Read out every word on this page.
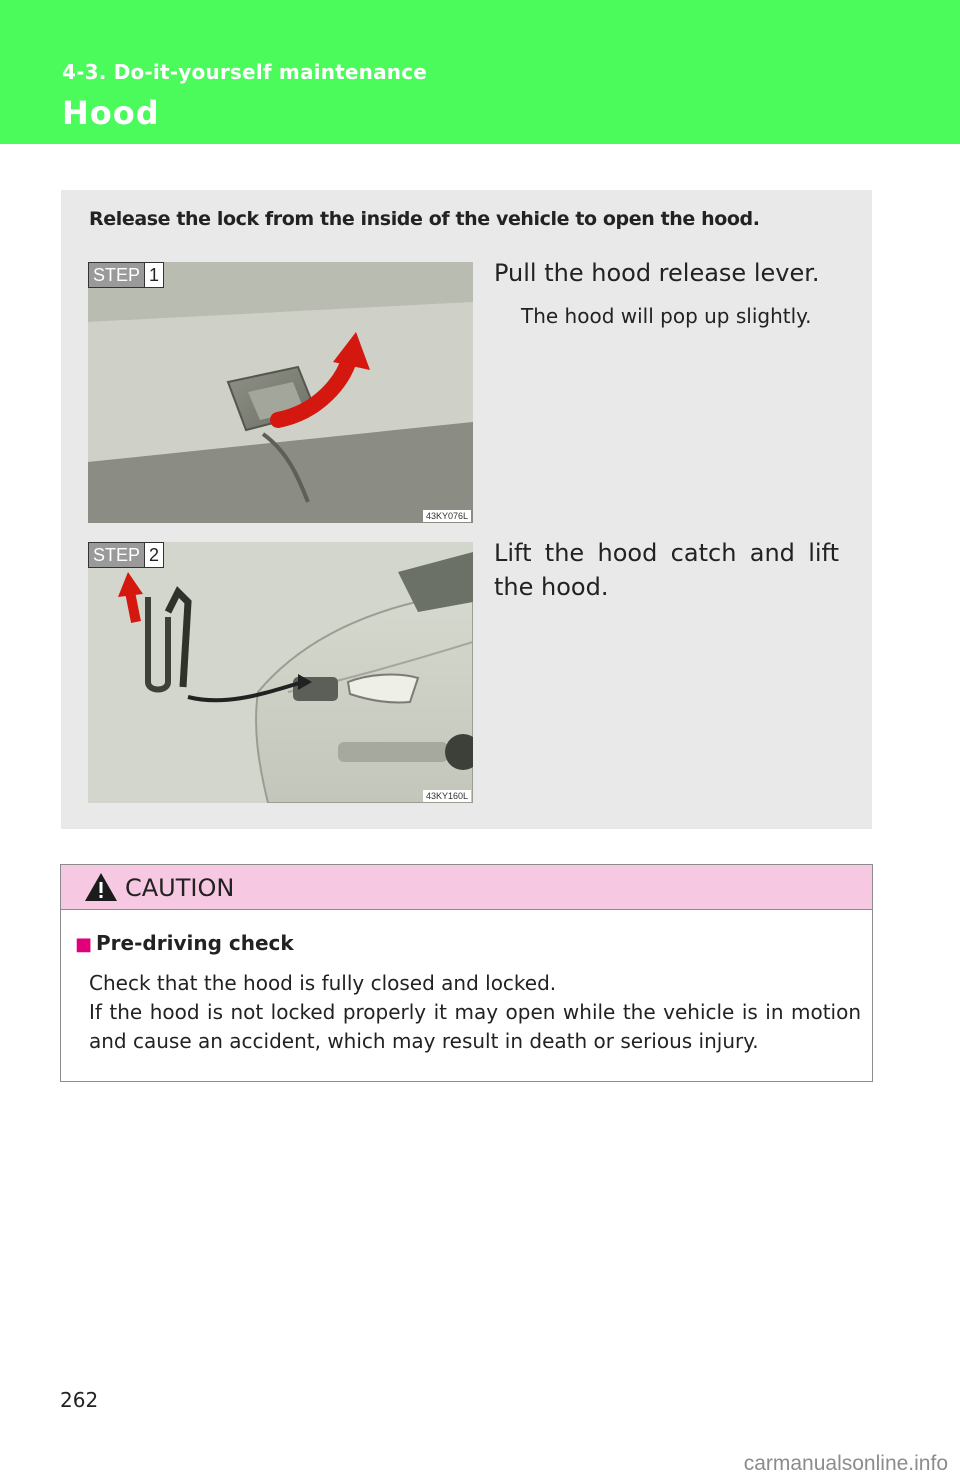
4-3. Do-it-yourself maintenance
Hood
Release the lock from the inside of the vehicle to open the hood.
STEP 1
43KY076L
Pull the hood release lever.
The hood will pop up slightly.
STEP 2
43KY160L
Lift the hood catch and lift the hood.
CAUTION
■ Pre-driving check

Check that the hood is fully closed and locked.

If the hood is not locked properly it may open while the vehicle is in motion and cause an accident, which may result in death or serious injury.

262
carmanualsonline.info
